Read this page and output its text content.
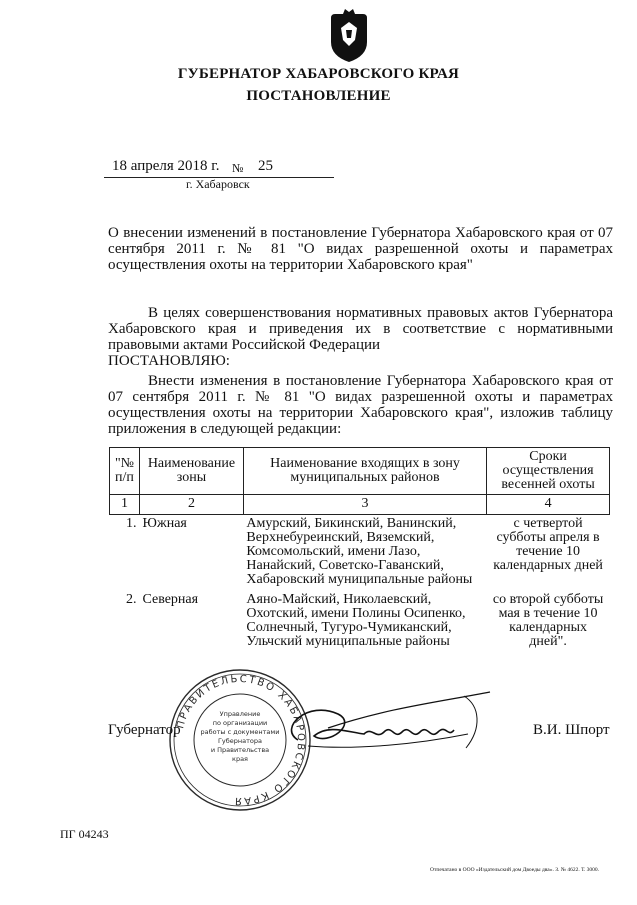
ГУБЕРНАТОР ХАБАРОВСКОГО КРАЯ
ПОСТАНОВЛЕНИЕ
18 апреля 2018 г. № 25
г. Хабаровск
О внесении изменений в постановление Губернатора Хабаровского края от 07 сентября 2011 г. № 81 "О видах разрешенной охоты и параметрах осуществления охоты на территории Хабаровского края"
В целях совершенствования нормативных правовых актов Губернатора Хабаровского края и приведения их в соответствие с нормативными правовыми актами Российской Федерации
ПОСТАНОВЛЯЮ:
Внести изменения в постановление Губернатора Хабаровского края от 07 сентября 2011 г. № 81 "О видах разрешенной охоты и параметрах осуществления охоты на территории Хабаровского края", изложив таблицу приложения в следующей редакции:
"№ п/п	Наименование зоны	Наименование входящих в зону муниципальных районов	Сроки осуществления весенней охоты
1	2	3	4
1.	Южная	Амурский, Бикинский, Ванинский, Верхнебуреинский, Вяземский, Комсомольский, имени Лазо, Нанайский, Советско-Гаванский, Хабаровский муниципальные районы	с четвертой субботы апреля в течение 10 календарных дней
2.	Северная	Аяно-Майский, Николаевский, Охотский, имени Полины Осипенко, Солнечный, Тугуро-Чумиканский, Ульчский муниципальные районы	со второй субботы мая в течение 10 календарных дней".
ПРАВИТЕЛЬСТВО ХАБАРОВСКОГО КРАЯ
Управление
по организации
работы с документами
Губернатора
и Правительства
края
Губернатор	В.И. Шпорт
ПГ 04243
Отпечатано в ООО «Издательский дом Двоеды два». З. № 4622. Т. 3000.
